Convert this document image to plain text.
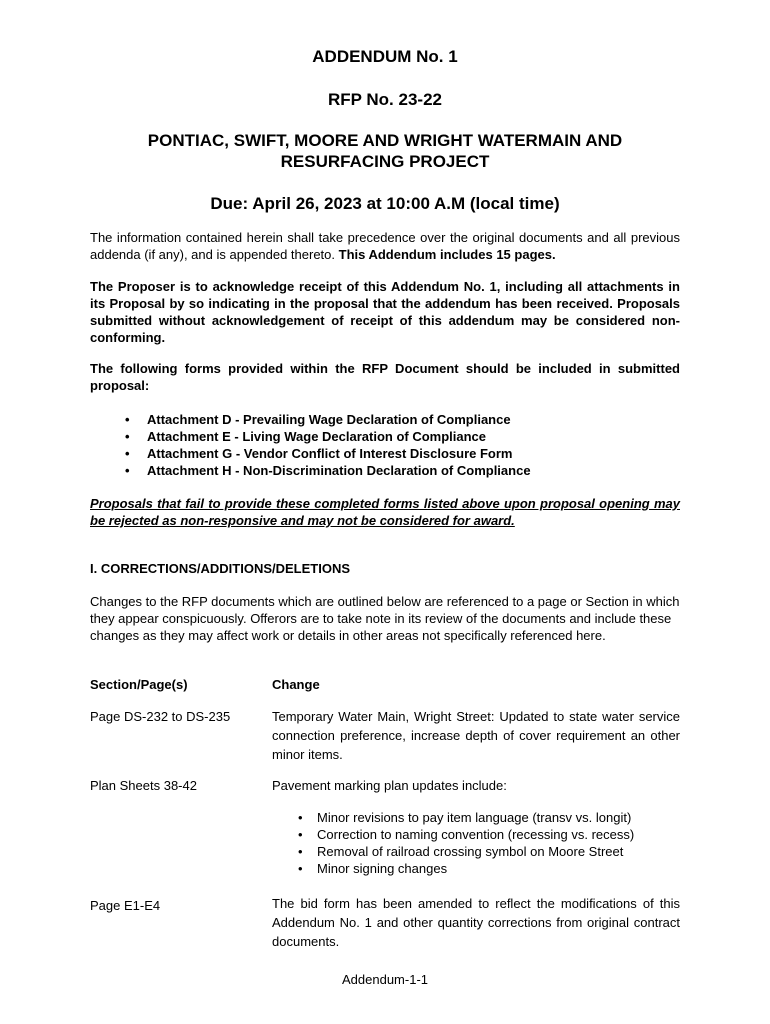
ADDENDUM No. 1
RFP No. 23-22
PONTIAC, SWIFT, MOORE AND WRIGHT WATERMAIN AND
RESURFACING PROJECT
Due: April 26, 2023 at 10:00 A.M (local time)
The information contained herein shall take precedence over the original documents and all previous addenda (if any), and is appended thereto. This Addendum includes 15 pages.
The Proposer is to acknowledge receipt of this Addendum No. 1, including all attachments in its Proposal by so indicating in the proposal that the addendum has been received. Proposals submitted without acknowledgement of receipt of this addendum may be considered non-conforming.
The following forms provided within the RFP Document should be included in submitted proposal:
• Attachment D - Prevailing Wage Declaration of Compliance
• Attachment E - Living Wage Declaration of Compliance
• Attachment G - Vendor Conflict of Interest Disclosure Form
• Attachment H - Non-Discrimination Declaration of Compliance
Proposals that fail to provide these completed forms listed above upon proposal opening may be rejected as non-responsive and may not be considered for award.
I. CORRECTIONS/ADDITIONS/DELETIONS
Changes to the RFP documents which are outlined below are referenced to a page or Section in which they appear conspicuously. Offerors are to take note in its review of the documents and include these changes as they may affect work or details in other areas not specifically referenced here.
Section/Page(s)	Change
Page DS-232 to DS-235	Temporary Water Main, Wright Street: Updated to state water service connection preference, increase depth of cover requirement an other minor items.
Plan Sheets 38-42	Pavement marking plan updates include:
• Minor revisions to pay item language (transv vs. longit)
• Correction to naming convention (recessing vs. recess)
• Removal of railroad crossing symbol on Moore Street
• Minor signing changes
Page E1-E4	The bid form has been amended to reflect the modifications of this Addendum No. 1 and other quantity corrections from original contract documents.
Addendum-1-1
